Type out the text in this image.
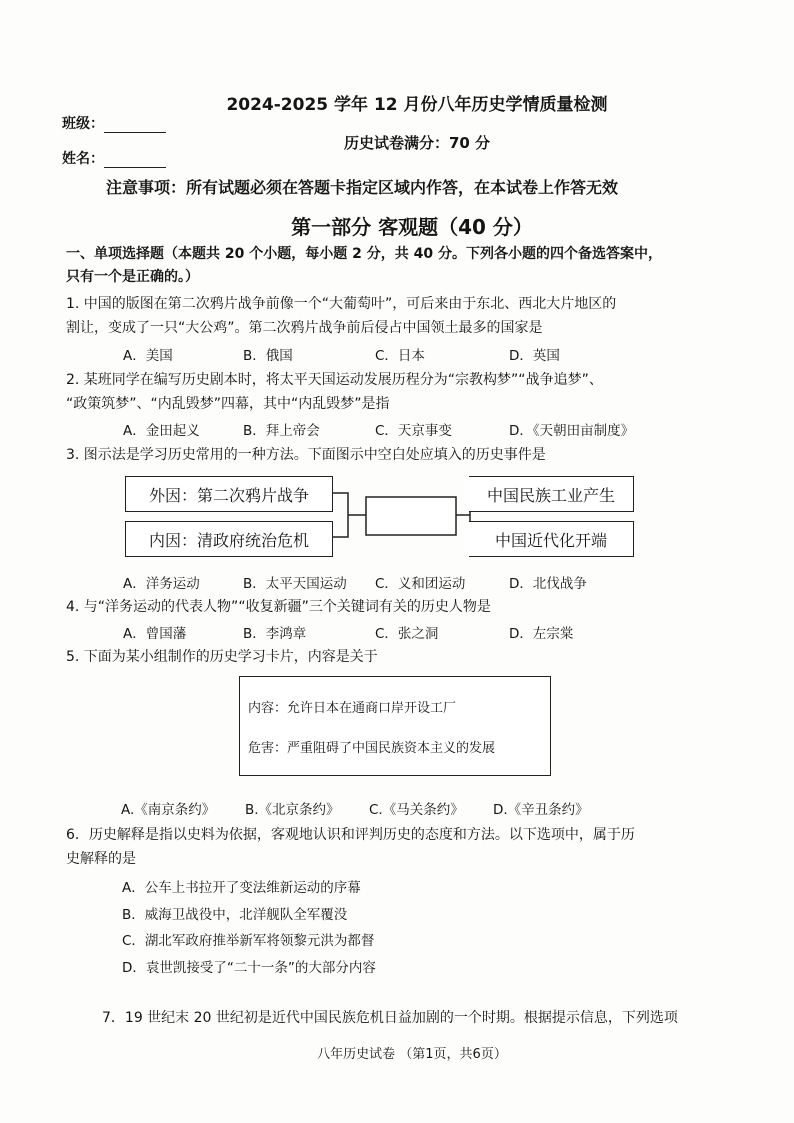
2024-2025 学年 12 月份八年历史学情质量检测
班级：
历史试卷满分：70 分
姓名：
注意事项：所有试题必须在答题卡指定区域内作答，在本试卷上作答无效
第一部分 客观题（40 分）
一、单项选择题（本题共 20 个小题，每小题 2 分，共 40 分。下列各小题的四个备选答案中，
只有一个是正确的。）
1. 中国的版图在第二次鸦片战争前像一个“大葡萄叶”，可后来由于东北、西北大片地区的
割让，变成了一只“大公鸡”。第二次鸦片战争前后侵占中国领土最多的国家是
A．美国	B．俄国	C．日本	D．英国
2. 某班同学在编写历史剧本时，将太平天国运动发展历程分为“宗教构梦”“战争追梦”、
“政策筑梦”、“内乱毁梦”四幕，其中“内乱毁梦”是指
A．金田起义	B．拜上帝会	C．天京事变	D．《天朝田亩制度》
3. 图示法是学习历史常用的一种方法。下面图示中空白处应填入的历史事件是
外因：第二次鸦片战争
内因：清政府统治危机
中国民族工业产生
中国近代化开端
A．洋务运动	B．太平天国运动 C．义和团运动	D．北伐战争
4. 与“洋务运动的代表人物”“收复新疆”三个关键词有关的历史人物是
A．曾国藩	B．李鸿章	C．张之洞	D．左宗棠
5. 下面为某小组制作的历史学习卡片，内容是关于
内容：允许日本在通商口岸开设工厂
危害：严重阻碍了中国民族资本主义的发展
A.《南京条约》 B.《北京条约》 C.《马关条约》 D.《辛丑条约》
6．历史解释是指以史料为依据，客观地认识和评判历史的态度和方法。以下选项中，属于历
史解释的是
A．公车上书拉开了变法维新运动的序幕
B．威海卫战役中，北洋舰队全军覆没
C．湖北军政府推举新军将领黎元洪为都督
D．袁世凯接受了“二十一条”的大部分内容
7．19 世纪末 20 世纪初是近代中国民族危机日益加剧的一个时期。根据提示信息，下列选项
八年历史试卷 （第1页，共6页）
